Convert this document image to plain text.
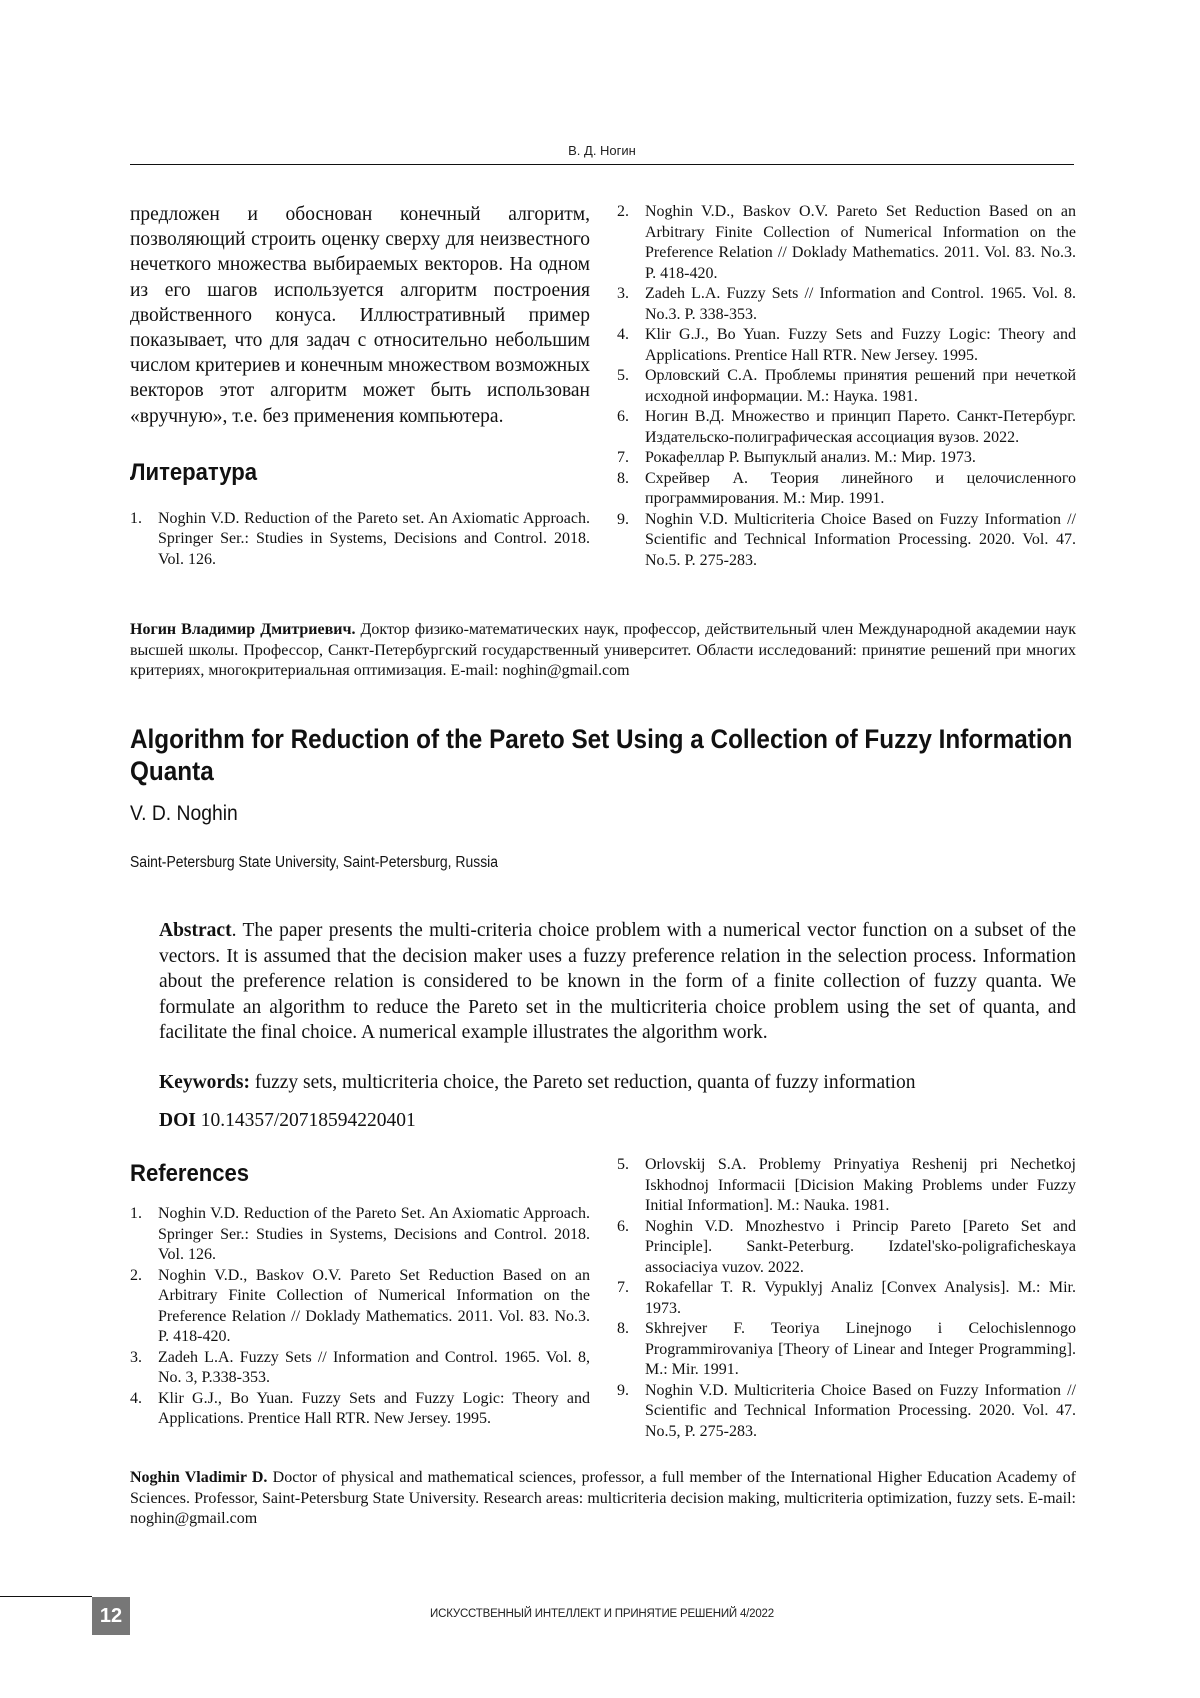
В. Д. Ногин

предложен и обоснован конечный алгоритм, позволяющий строить оценку сверху для неизвестного нечеткого множества выбираемых векторов. На одном из его шагов используется алгоритм построения двойственного конуса. Иллюстративный пример показывает, что для задач с относительно небольшим числом критериев и конечным множеством возможных векторов этот алгоритм может быть использован «вручную», т.е. без применения компьютера.

Литература
1. Noghin V.D. Reduction of the Pareto set. An Axiomatic Approach. Springer Ser.: Studies in Systems, Decisions and Control. 2018. Vol. 126.
2. Noghin V.D., Baskov O.V. Pareto Set Reduction Based on an Arbitrary Finite Collection of Numerical Information on the Preference Relation // Doklady Mathematics. 2011. Vol. 83. No.3. P. 418-420.
3. Zadeh L.A. Fuzzy Sets // Information and Control. 1965. Vol. 8. No.3. P. 338-353.
4. Klir G.J., Bo Yuan. Fuzzy Sets and Fuzzy Logic: Theory and Applications. Prentice Hall RTR. New Jersey. 1995.
5. Орловский С.А. Проблемы принятия решений при нечеткой исходной информации. М.: Наука. 1981.
6. Ногин В.Д. Множество и принцип Парето. Санкт-Петербург. Издательско-полиграфическая ассоциация вузов. 2022.
7. Рокафеллар Р. Выпуклый анализ. М.: Мир. 1973.
8. Схрейвер А. Теория линейного и целочисленного программирования. М.: Мир. 1991.
9. Noghin V.D. Multicriteria Choice Based on Fuzzy Information // Scientific and Technical Information Processing. 2020. Vol. 47. No.5. P. 275-283.

Ногин Владимир Дмитриевич. Доктор физико-математических наук, профессор, действительный член Международной академии наук высшей школы. Профессор, Санкт-Петербургский государственный университет. Области исследований: принятие решений при многих критериях, многокритериальная оптимизация. E-mail: noghin@gmail.com

Algorithm for Reduction of the Pareto Set Using a Collection of Fuzzy Information Quanta

V. D. Noghin

Saint-Petersburg State University, Saint-Petersburg, Russia

Abstract. The paper presents the multi-criteria choice problem with a numerical vector function on a subset of the vectors. It is assumed that the decision maker uses a fuzzy preference relation in the selection process. Information about the preference relation is considered to be known in the form of a finite collection of fuzzy quanta. We formulate an algorithm to reduce the Pareto set in the multicriteria choice problem using the set of quanta, and facilitate the final choice. A numerical example illustrates the algorithm work.

Keywords: fuzzy sets, multicriteria choice, the Pareto set reduction, quanta of fuzzy information

DOI 10.14357/20718594220401

References
1. Noghin V.D. Reduction of the Pareto Set. An Axiomatic Approach. Springer Ser.: Studies in Systems, Decisions and Control. 2018. Vol. 126.
2. Noghin V.D., Baskov O.V. Pareto Set Reduction Based on an Arbitrary Finite Collection of Numerical Information on the Preference Relation // Doklady Mathematics. 2011. Vol. 83. No.3. P. 418-420.
3. Zadeh L.A. Fuzzy Sets // Information and Control. 1965. Vol. 8, No. 3, P.338-353.
4. Klir G.J., Bo Yuan. Fuzzy Sets and Fuzzy Logic: Theory and Applications. Prentice Hall RTR. New Jersey. 1995.
5. Orlovskij S.A. Problemy Prinyatiya Reshenij pri Nechetkoj Iskhodnoj Informacii [Dicision Making Problems under Fuzzy Initial Information]. M.: Nauka. 1981.
6. Noghin V.D. Mnozhestvo i Princip Pareto [Pareto Set and Principle]. Sankt-Peterburg. Izdatel'sko-poligraficheskaya associaciya vuzov. 2022.
7. Rokafellar T. R. Vypuklyj Analiz [Convex Analysis]. M.: Mir. 1973.
8. Skhrejver F. Teoriya Linejnogo i Celochislennogo Programmirovaniya [Theory of Linear and Integer Programming]. M.: Mir. 1991.
9. Noghin V.D. Multicriteria Choice Based on Fuzzy Information // Scientific and Technical Information Processing. 2020. Vol. 47. No.5, P. 275-283.

Noghin Vladimir D. Doctor of physical and mathematical sciences, professor, a full member of the International Higher Education Academy of Sciences. Professor, Saint-Petersburg State University. Research areas: multicriteria decision making, multicriteria optimization, fuzzy sets. E-mail: noghin@gmail.com

12	ИСКУССТВЕННЫЙ ИНТЕЛЛЕКТ И ПРИНЯТИЕ РЕШЕНИЙ 4/2022
